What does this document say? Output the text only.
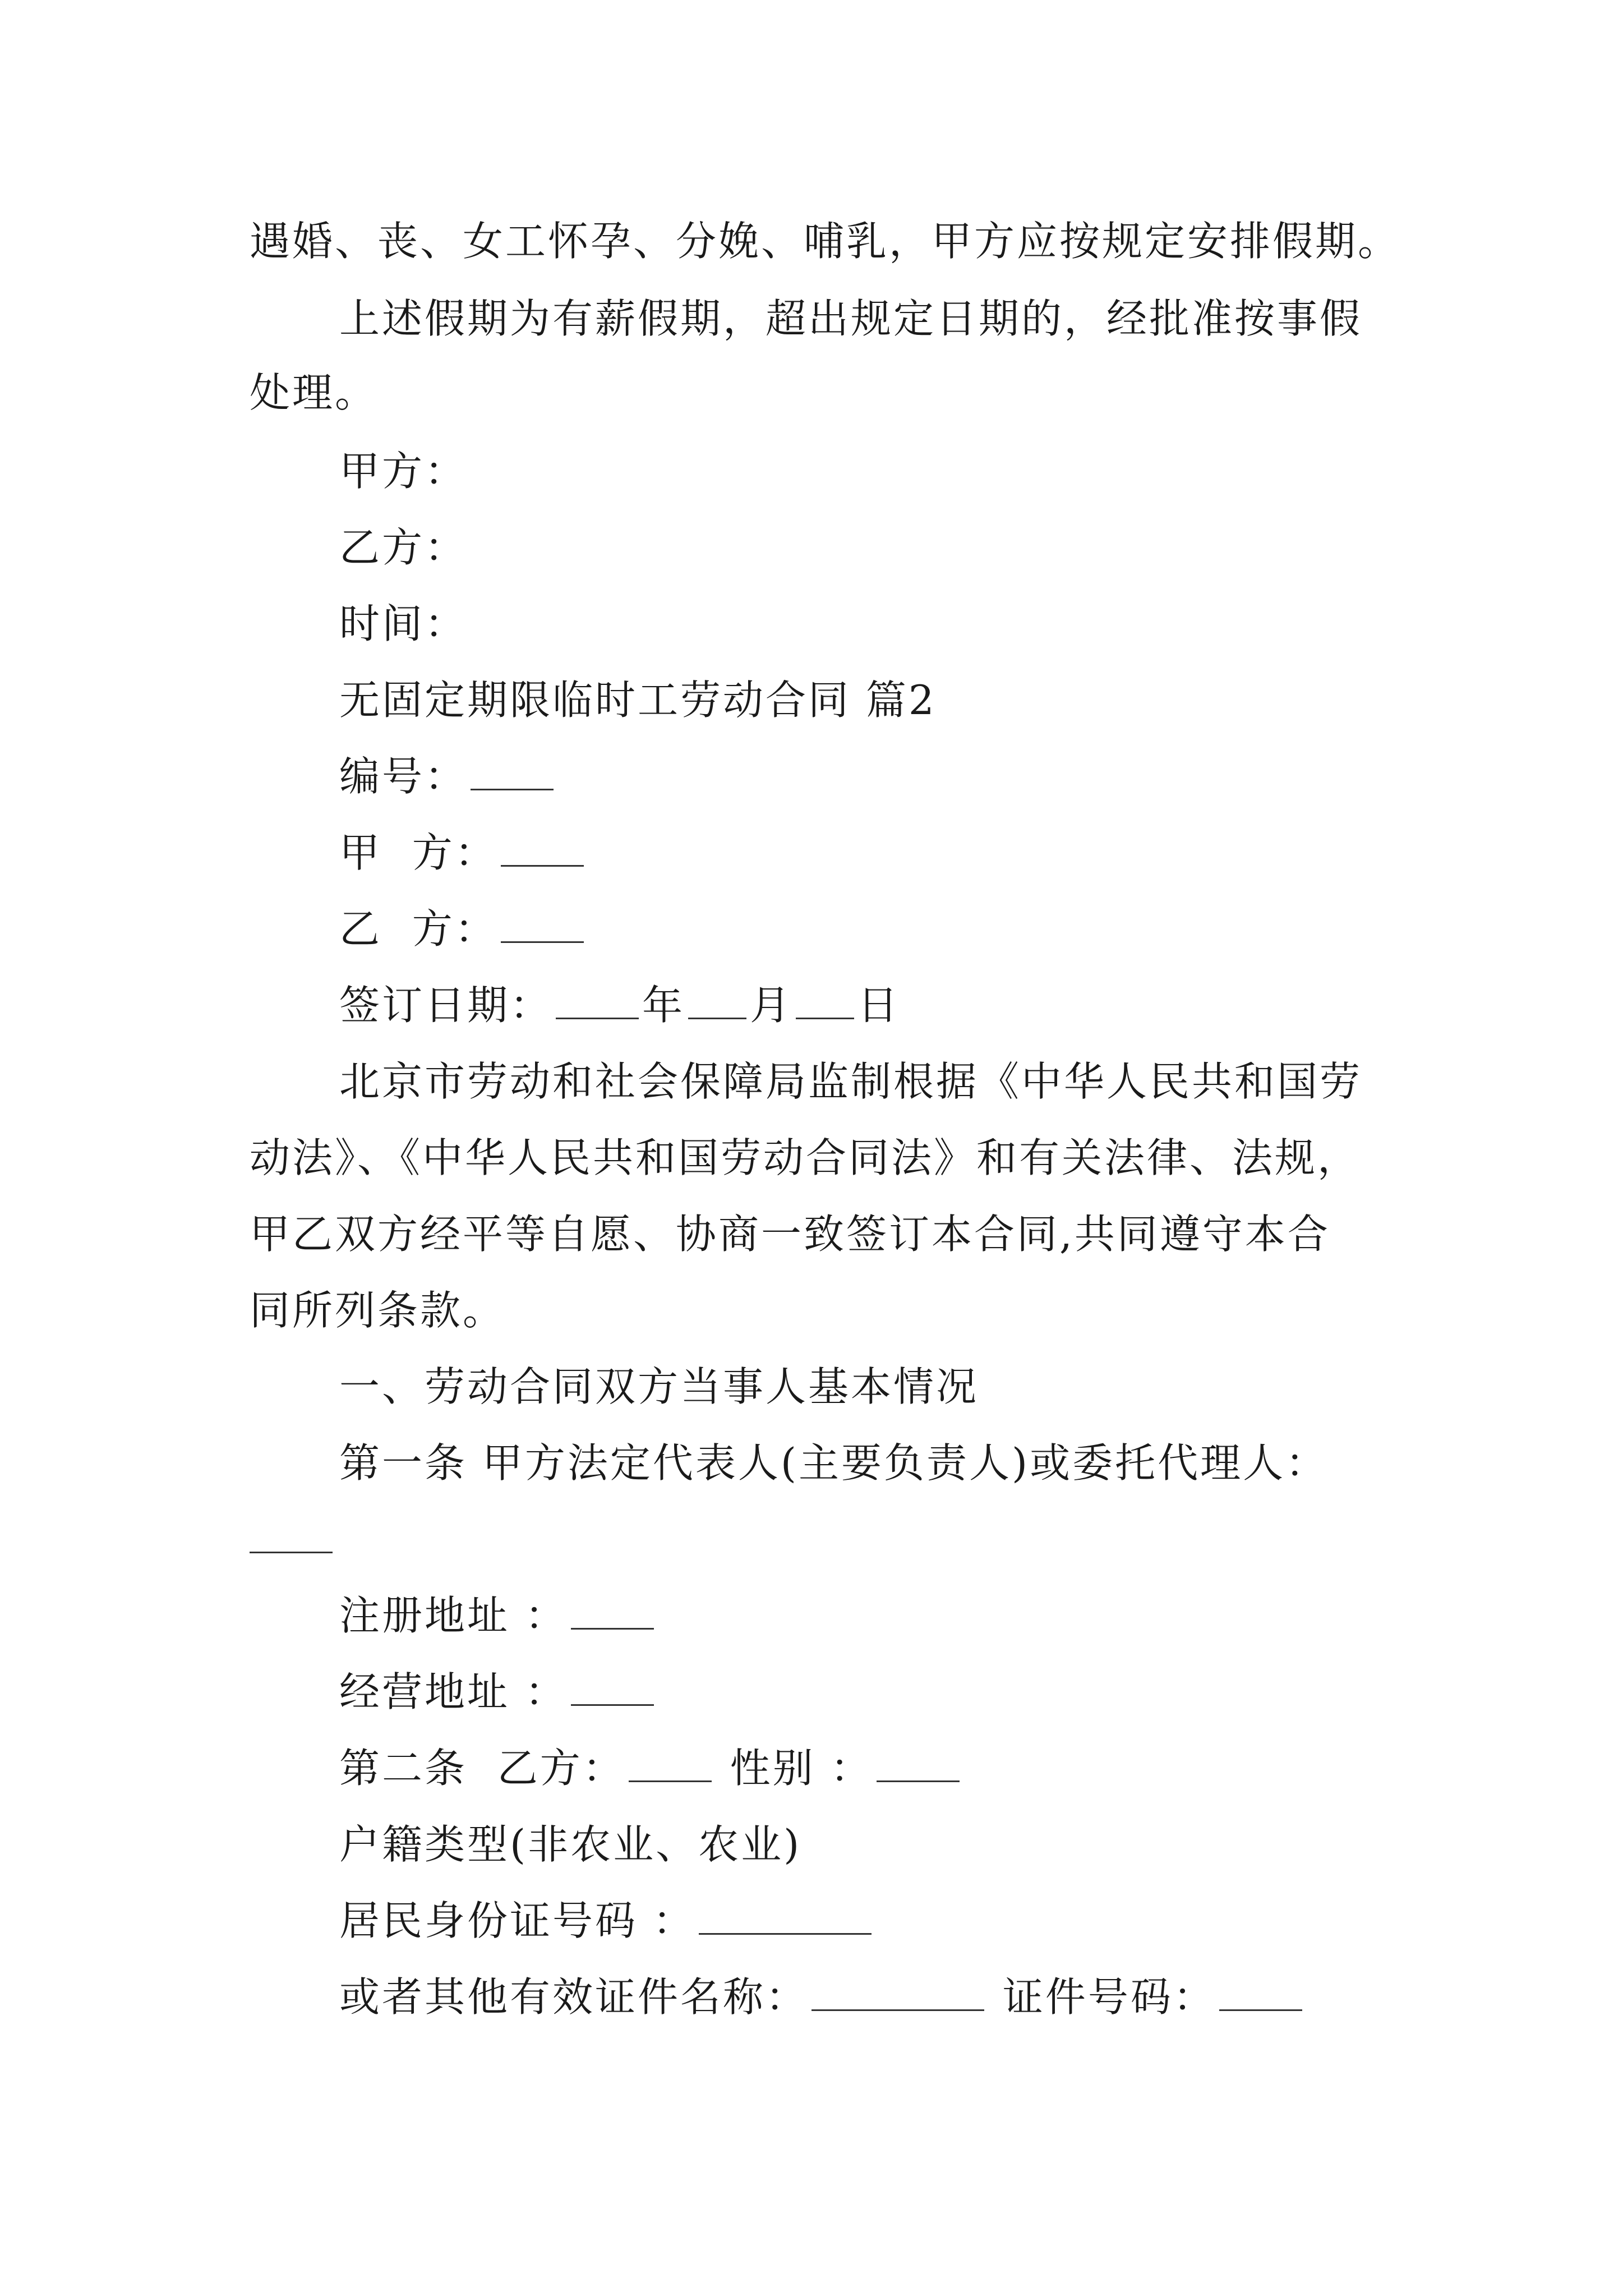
遇婚、丧、女工怀孕、分娩、哺乳，甲方应按规定安排假期。
上述假期为有薪假期，超出规定日期的，经批准按事假
处理。
甲方：
乙方：
时间：
无固定期限临时工劳动合同 篇2
编号：
甲  方：
乙  方：
签订日期： 年 月 日
北京市劳动和社会保障局监制根据《中华人民共和国劳
动法》、《中华人民共和国劳动合同法》和有关法律、法规，
甲乙双方经平等自愿、协商一致签订本合同,共同遵守本合
同所列条款。
一、劳动合同双方当事人基本情况
第一条 甲方法定代表人(主要负责人)或委托代理人：
注册地址 ：
经营地址 ：
第二条  乙方：	性别 ：
户籍类型(非农业、农业)
居民身份证号码 ：
或者其他有效证件名称：	证件号码：
